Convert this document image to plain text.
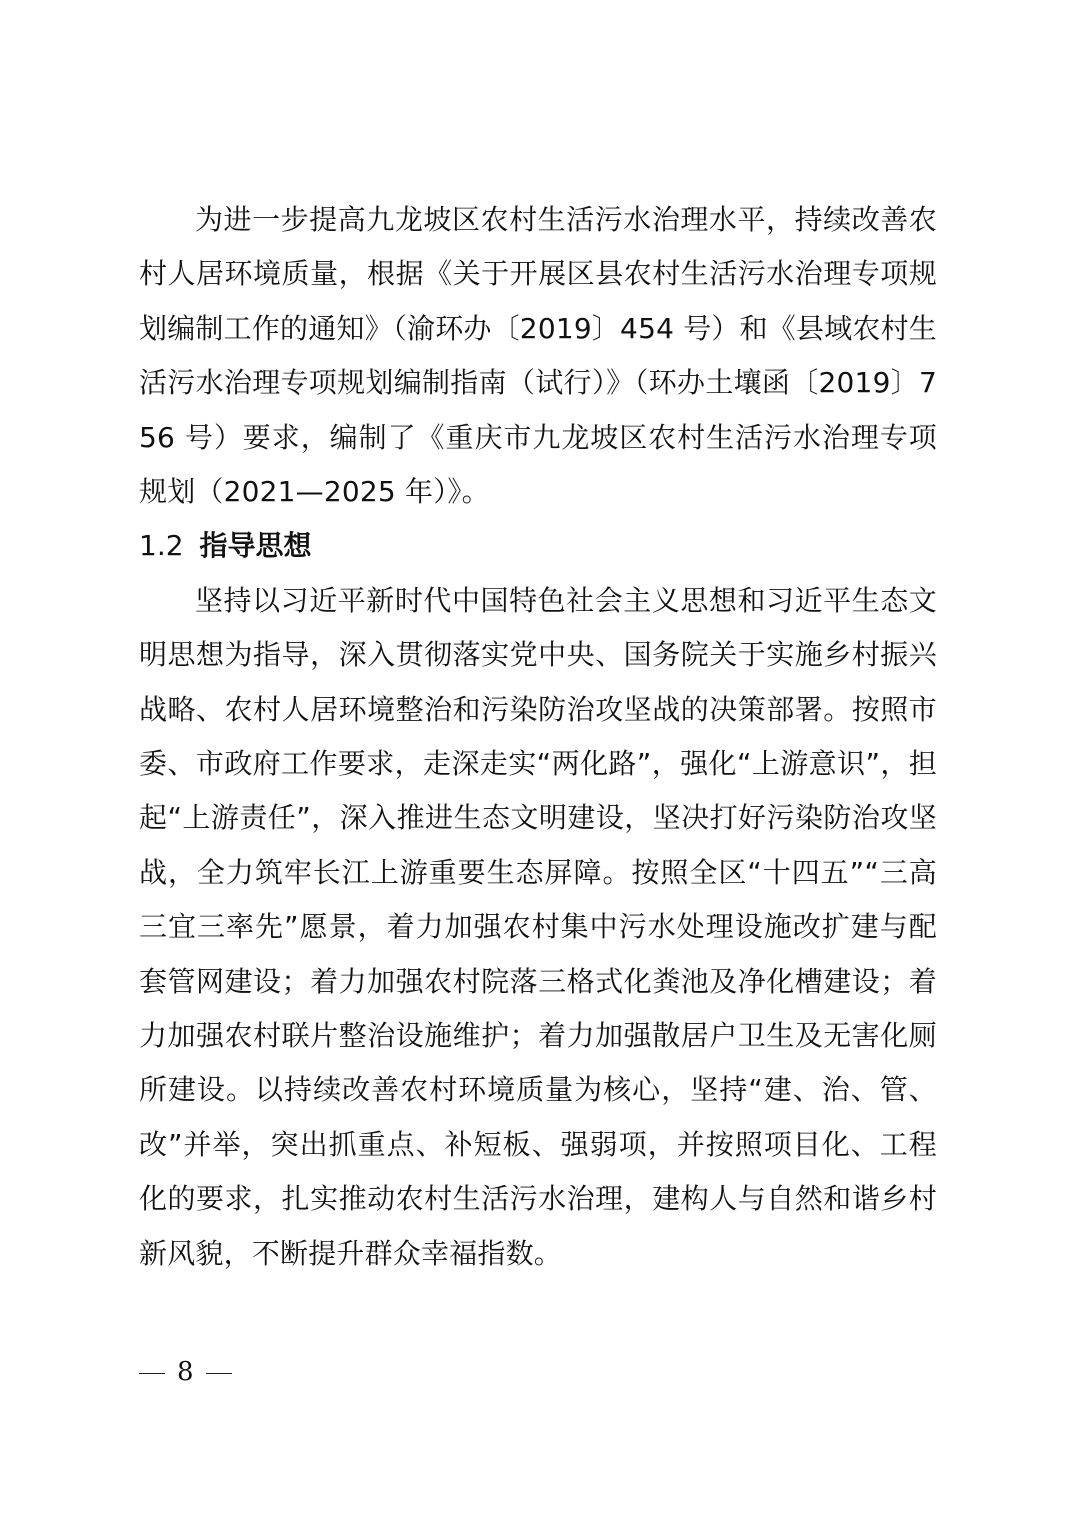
为进一步提高九龙坡区农村生活污水治理水平，持续改善农村人居环境质量，根据《关于开展区县农村生活污水治理专项规划编制工作的通知》（渝环办〔2019〕454 号）和《县域农村生活污水治理专项规划编制指南（试行）》（环办土壤函〔2019〕756 号）要求，编制了《重庆市九龙坡区农村生活污水治理专项规划（2021—2025 年）》。

1.2 指导思想

坚持以习近平新时代中国特色社会主义思想和习近平生态文明思想为指导，深入贯彻落实党中央、国务院关于实施乡村振兴战略、农村人居环境整治和污染防治攻坚战的决策部署。按照市委、市政府工作要求，走深走实“两化路”，强化“上游意识”，担起“上游责任”，深入推进生态文明建设，坚决打好污染防治攻坚战，全力筑牢长江上游重要生态屏障。按照全区“十四五”“三高三宜三率先”愿景，着力加强农村集中污水处理设施改扩建与配套管网建设；着力加强农村院落三格式化粪池及净化槽建设；着力加强农村联片整治设施维护；着力加强散居户卫生及无害化厕所建设。以持续改善农村环境质量为核心，坚持“建、治、管、改”并举，突出抓重点、补短板、强弱项，并按照项目化、工程化的要求，扎实推动农村生活污水治理，建构人与自然和谐乡村新风貌，不断提升群众幸福指数。

8
